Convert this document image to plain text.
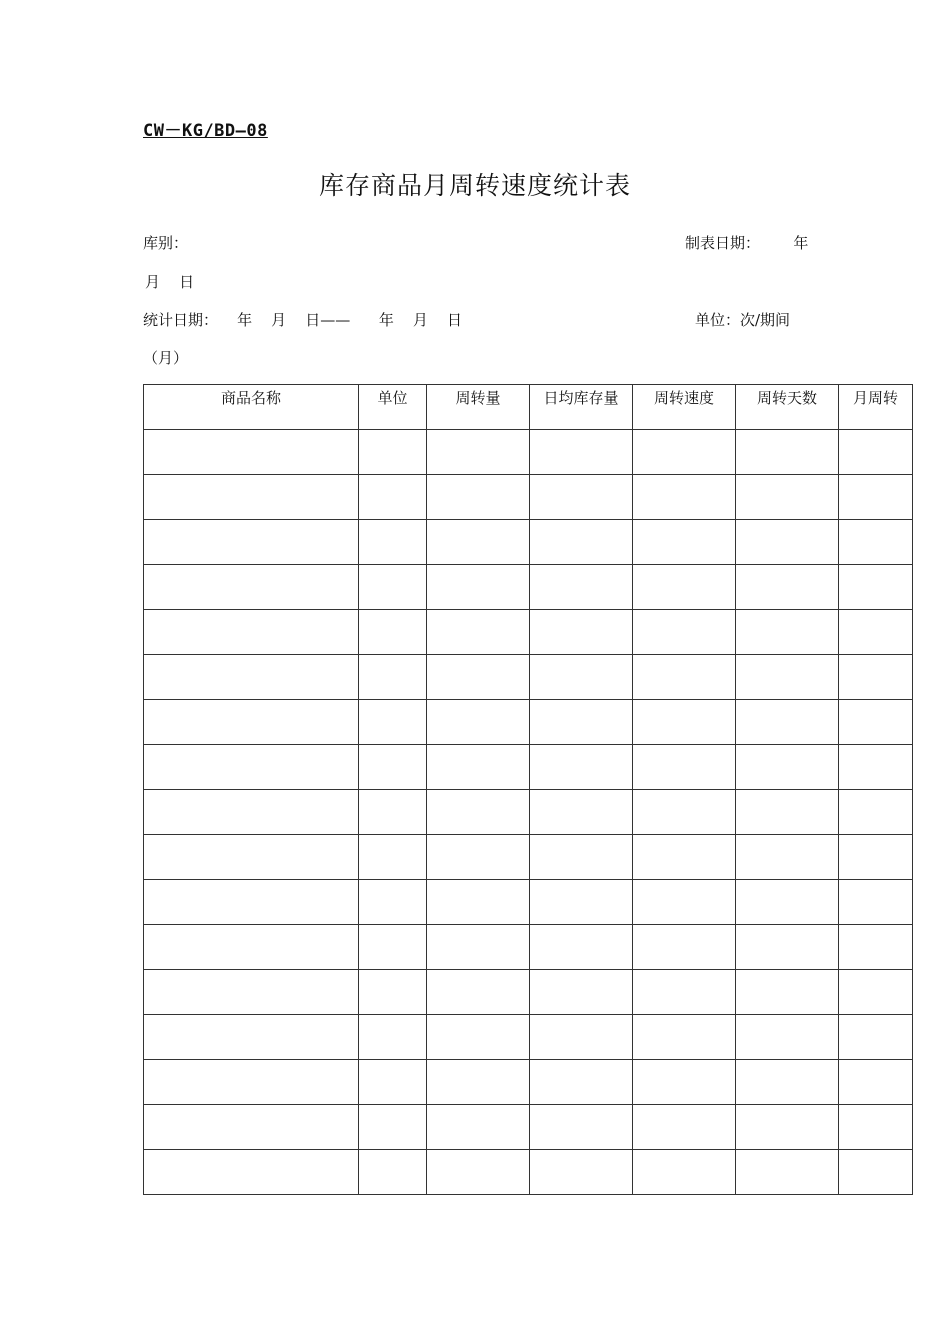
CW－KG/BD—08
库存商品月周转速度统计表
库别：	制表日期：       年
月    日
统计日期：    年    月    日——      年    月    日	单位：次/期间
（月）
商品名称	单位	周转量	日均库存量	周转速度	周转天数	月周转
